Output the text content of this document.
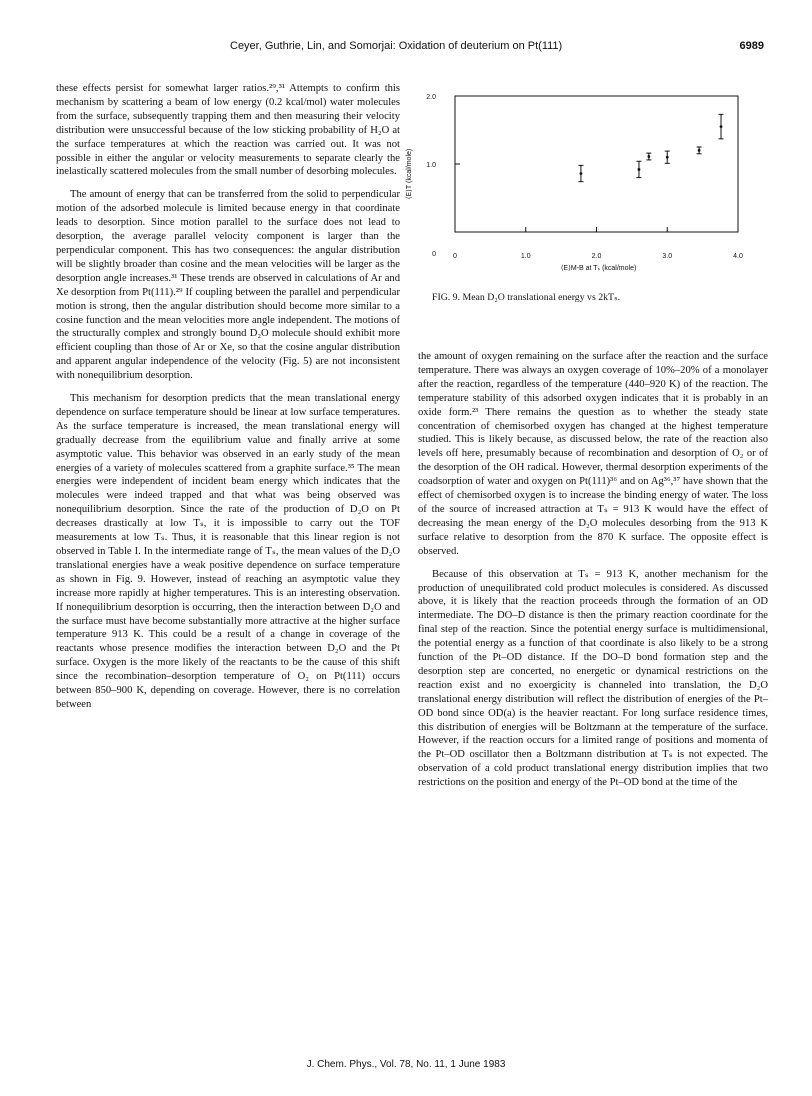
Ceyer, Guthrie, Lin, and Somorjai: Oxidation of deuterium on Pt(111)	6989

these effects persist for somewhat larger ratios.²⁹,³¹ Attempts to confirm this mechanism by scattering a beam of low energy (0.2 kcal/mol) water molecules from the surface, subsequently trapping them and then measuring their velocity distribution were unsuccessful because of the low sticking probability of H₂O at the surface temperatures at which the reaction was carried out. It was not possible in either the angular or velocity measurements to separate clearly the inelastically scattered molecules from the small number of desorbing molecules.

The amount of energy that can be transferred from the solid to perpendicular motion of the adsorbed molecule is limited because energy in that coordinate leads to desorption. Since motion parallel to the surface does not lead to desorption, the average parallel velocity component is larger than the perpendicular component. This has two consequences: the angular distribution will be slightly broader than cosine and the mean velocities will be larger as the desorption angle increases.³¹ These trends are observed in calculations of Ar and Xe desorption from Pt(111).²⁹ If coupling between the parallel and perpendicular motion is strong, then the angular distribution should become more similar to a cosine function and the mean velocities more angle independent. The motions of the structurally complex and strongly bound D₂O molecule should exhibit more efficient coupling than those of Ar or Xe, so that the cosine angular distribution and apparent angular independence of the velocity (Fig. 5) are not inconsistent with nonequilibrium desorption.

This mechanism for desorption predicts that the mean translational energy dependence on surface temperature should be linear at low surface temperatures. As the surface temperature is increased, the mean translational energy will gradually decrease from the equilibrium value and finally arrive at some asymptotic value. This behavior was observed in an early study of the mean energies of a variety of molecules scattered from a graphite surface.³⁵ The mean energies were independent of incident beam energy which indicates that the molecules were indeed trapped and that what was being observed was nonequilibrium desorption. Since the rate of the production of D₂O on Pt decreases drastically at low Tₛ, it is impossible to carry out the TOF measurements at low Tₛ. Thus, it is reasonable that this linear region is not observed in Table I. In the intermediate range of Tₛ, the mean values of the D₂O translational energies have a weak positive dependence on surface temperature as shown in Fig. 9. However, instead of reaching an asymptotic value they increase more rapidly at higher temperatures. This is an interesting observation. If nonequilibrium desorption is occurring, then the interaction between D₂O and the surface must have become substantially more attractive at the higher surface temperature 913 K. This could be a result of a change in coverage of the reactants whose presence modifies the interaction between D₂O and the Pt surface. Oxygen is the more likely of the reactants to be the cause of this shift since the recombination–desorption temperature of O₂ on Pt(111) occurs between 850–900 K, depending on coverage. However, there is no correlation between

0	1.0	2.0	3.0	4.0
0
1.0
2.0
⟨E⟩M-B at Tₛ (kcal/mole)
⟨E⟩T (kcal/mole)
FIG. 9. Mean D₂O translational energy vs 2kTₛ.

the amount of oxygen remaining on the surface after the reaction and the surface temperature. There was always an oxygen coverage of 10%–20% of a monolayer after the reaction, regardless of the temperature (440–920 K) of the reaction. The temperature stability of this adsorbed oxygen indicates that it is probably in an oxide form.²³ There remains the question as to whether the steady state concentration of chemisorbed oxygen has changed at the highest temperature studied. This is likely because, as discussed below, the rate of the reaction also levels off here, presumably because of recombination and desorption of O₂ or of the desorption of the OH radical. However, thermal desorption experiments of the coadsorption of water and oxygen on Pt(111)³⁶ and on Ag³⁶,³⁷ have shown that the effect of chemisorbed oxygen is to increase the binding energy of water. The loss of the source of increased attraction at Tₛ = 913 K would have the effect of decreasing the mean energy of the D₂O molecules desorbing from the 913 K surface relative to desorption from the 870 K surface. The opposite effect is observed.

Because of this observation at Tₛ = 913 K, another mechanism for the production of unequilibrated cold product molecules is considered. As discussed above, it is likely that the reaction proceeds through the formation of an OD intermediate. The DO–D distance is then the primary reaction coordinate for the final step of the reaction. Since the potential energy surface is multidimensional, the potential energy as a function of that coordinate is also likely to be a strong function of the Pt–OD distance. If the DO–D bond formation step and the desorption step are concerted, no energetic or dynamical restrictions on the reaction exist and no exoergicity is channeled into translation, the D₂O translational energy distribution will reflect the distribution of energies of the Pt–OD bond since OD(a) is the heavier reactant. For long surface residence times, this distribution of energies will be Boltzmann at the temperature of the surface. However, if the reaction occurs for a limited range of positions and momenta of the Pt–OD oscillator then a Boltzmann distribution at Tₛ is not expected. The observation of a cold product translational energy distribution implies that two restrictions on the position and energy of the Pt–OD bond at the time of the

J. Chem. Phys., Vol. 78, No. 11, 1 June 1983
